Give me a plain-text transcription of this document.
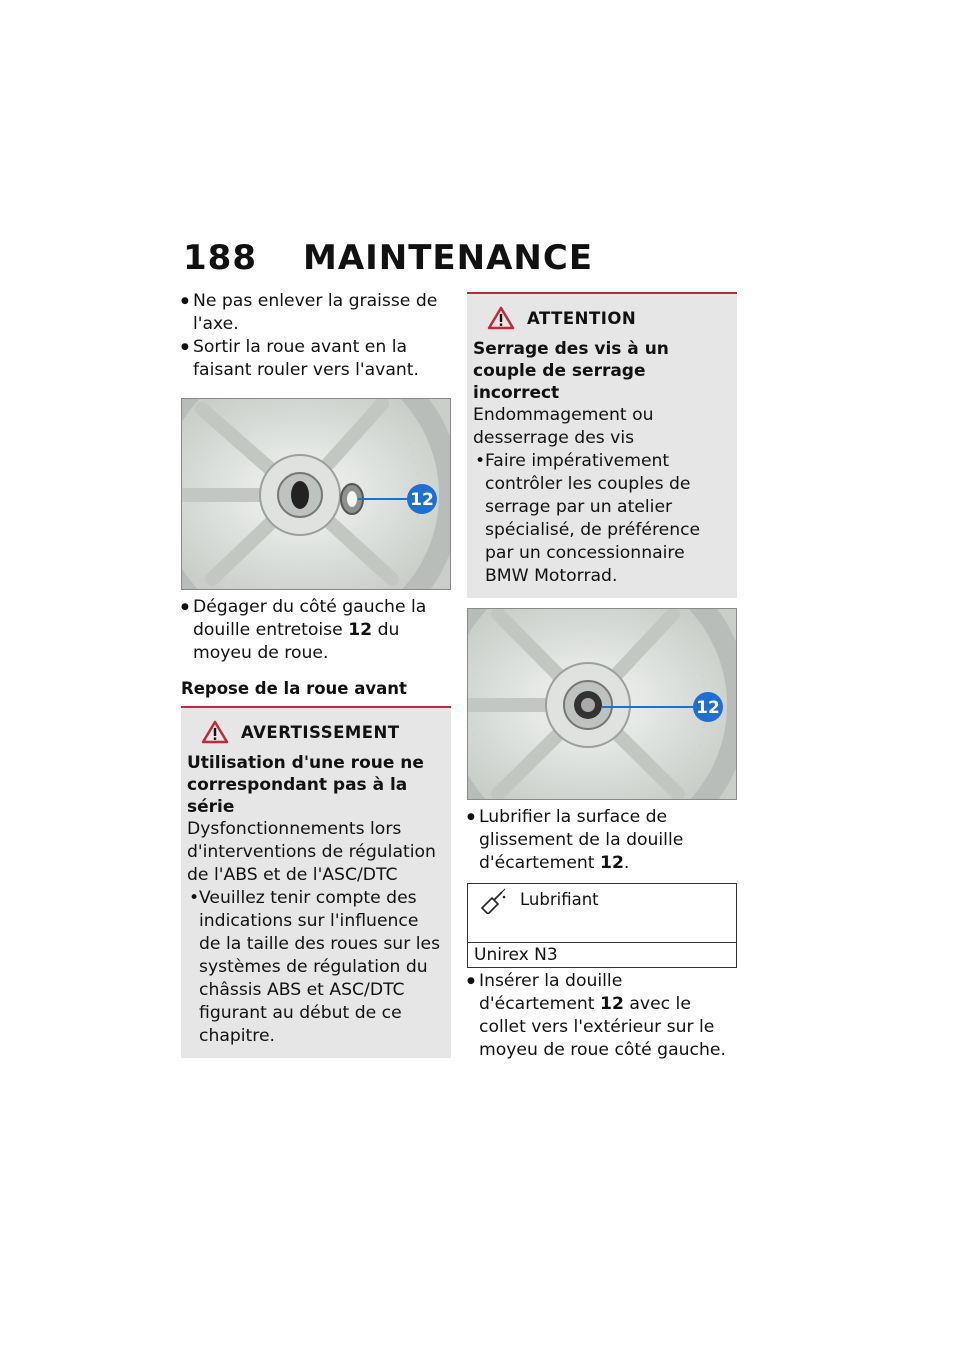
188 MAINTENANCE
● Ne pas enlever la graisse de l'axe.
● Sortir la roue avant en la faisant rouler vers l'avant.
12
● Dégager du côté gauche la douille entretoise 12 du moyeu de roue.
Repose de la roue avant
AVERTISSEMENT
Utilisation d'une roue ne correspondant pas à la série
Dysfonctionnements lors d'interventions de régulation de l'ABS et de l'ASC/DTC
• Veuillez tenir compte des indications sur l'influence de la taille des roues sur les systèmes de régulation du châssis ABS et ASC/DTC figurant au début de ce chapitre.
ATTENTION
Serrage des vis à un couple de serrage incorrect
Endommagement ou desserrage des vis
• Faire impérativement contrôler les couples de serrage par un atelier spécialisé, de préférence par un concessionnaire BMW Motorrad.
12
● Lubrifier la surface de glissement de la douille d'écartement 12.
Lubrifiant
Unirex N3
● Insérer la douille d'écartement 12 avec le collet vers l'extérieur sur le moyeu de roue côté gauche.
